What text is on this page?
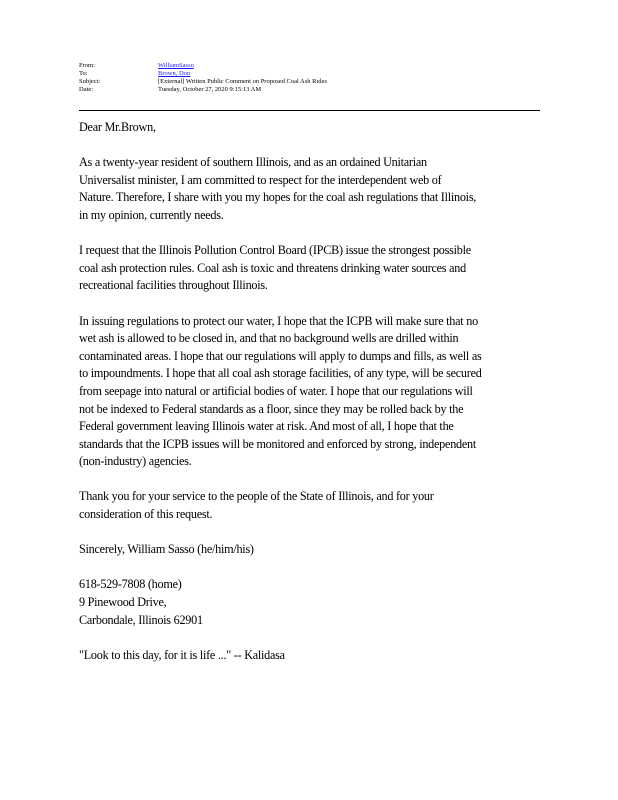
From:	WilliamSasso
To:	Brown, Don
Subject:	[External] Written Public Comment on Proposed Coal Ash Rules
Date:	Tuesday, October 27, 2020 9:15:13 AM

Dear Mr.Brown,

As a twenty-year resident of southern Illinois, and as an ordained Unitarian
Universalist minister, I am committed to respect for the interdependent web of
Nature. Therefore, I share with you my hopes for the coal ash regulations that Illinois,
in my opinion, currently needs.

I request that the Illinois Pollution Control Board (IPCB) issue the strongest possible
coal ash protection rules. Coal ash is toxic and threatens drinking water sources and
recreational facilities throughout Illinois.

In issuing regulations to protect our water, I hope that the ICPB will make sure that no
wet ash is allowed to be closed in, and that no background wells are drilled within
contaminated areas. I hope that our regulations will apply to dumps and fills, as well as
to impoundments. I hope that all coal ash storage facilities, of any type, will be secured
from seepage into natural or artificial bodies of water. I hope that our regulations will
not be indexed to Federal standards as a floor, since they may be rolled back by the
Federal government leaving Illinois water at risk. And most of all, I hope that the
standards that the ICPB issues will be monitored and enforced by strong, independent
(non-industry) agencies.

Thank you for your service to the people of the State of Illinois, and for your
consideration of this request.

Sincerely, William Sasso (he/him/his)

618-529-7808 (home)
9 Pinewood Drive,
Carbondale, Illinois 62901

"Look to this day, for it is life ..." -- Kalidasa
